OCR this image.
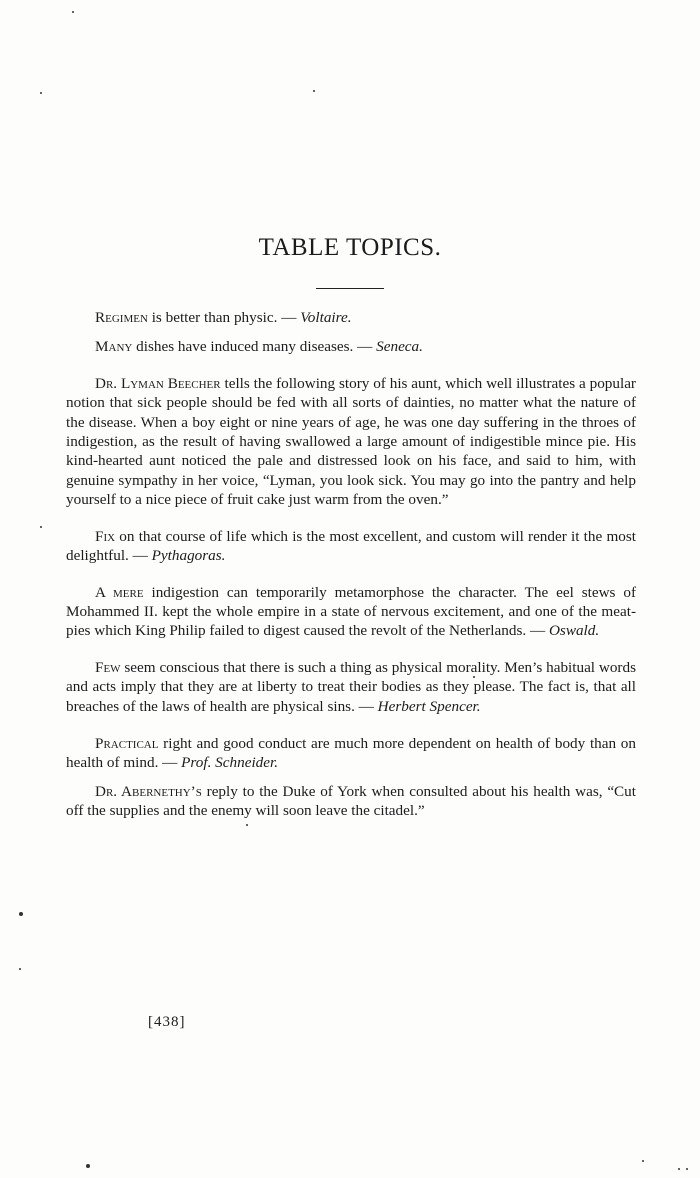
TABLE TOPICS.

Regimen is better than physic. — Voltaire.

Many dishes have induced many diseases. — Seneca.

Dr. Lyman Beecher tells the following story of his aunt, which well illustrates a popular notion that sick people should be fed with all sorts of dainties, no matter what the nature of the disease. When a boy eight or nine years of age, he was one day suffering in the throes of indigestion, as the result of having swallowed a large amount of indigestible mince pie. His kind-hearted aunt noticed the pale and distressed look on his face, and said to him, with genuine sympathy in her voice, “Lyman, you look sick. You may go into the pantry and help yourself to a nice piece of fruit cake just warm from the oven.”

Fix on that course of life which is the most excellent, and custom will render it the most delightful. — Pythagoras.

A mere indigestion can temporarily metamorphose the character. The eel stews of Mohammed II. kept the whole empire in a state of nervous excitement, and one of the meat-pies which King Philip failed to digest caused the revolt of the Netherlands. — Oswald.

Few seem conscious that there is such a thing as physical morality. Men’s habitual words and acts imply that they are at liberty to treat their bodies as they please. The fact is, that all breaches of the laws of health are physical sins. — Herbert Spencer.

Practical right and good conduct are much more dependent on health of body than on health of mind. — Prof. Schneider.

Dr. Abernethy’s reply to the Duke of York when consulted about his health was, “Cut off the supplies and the enemy will soon leave the citadel.”

[438]
